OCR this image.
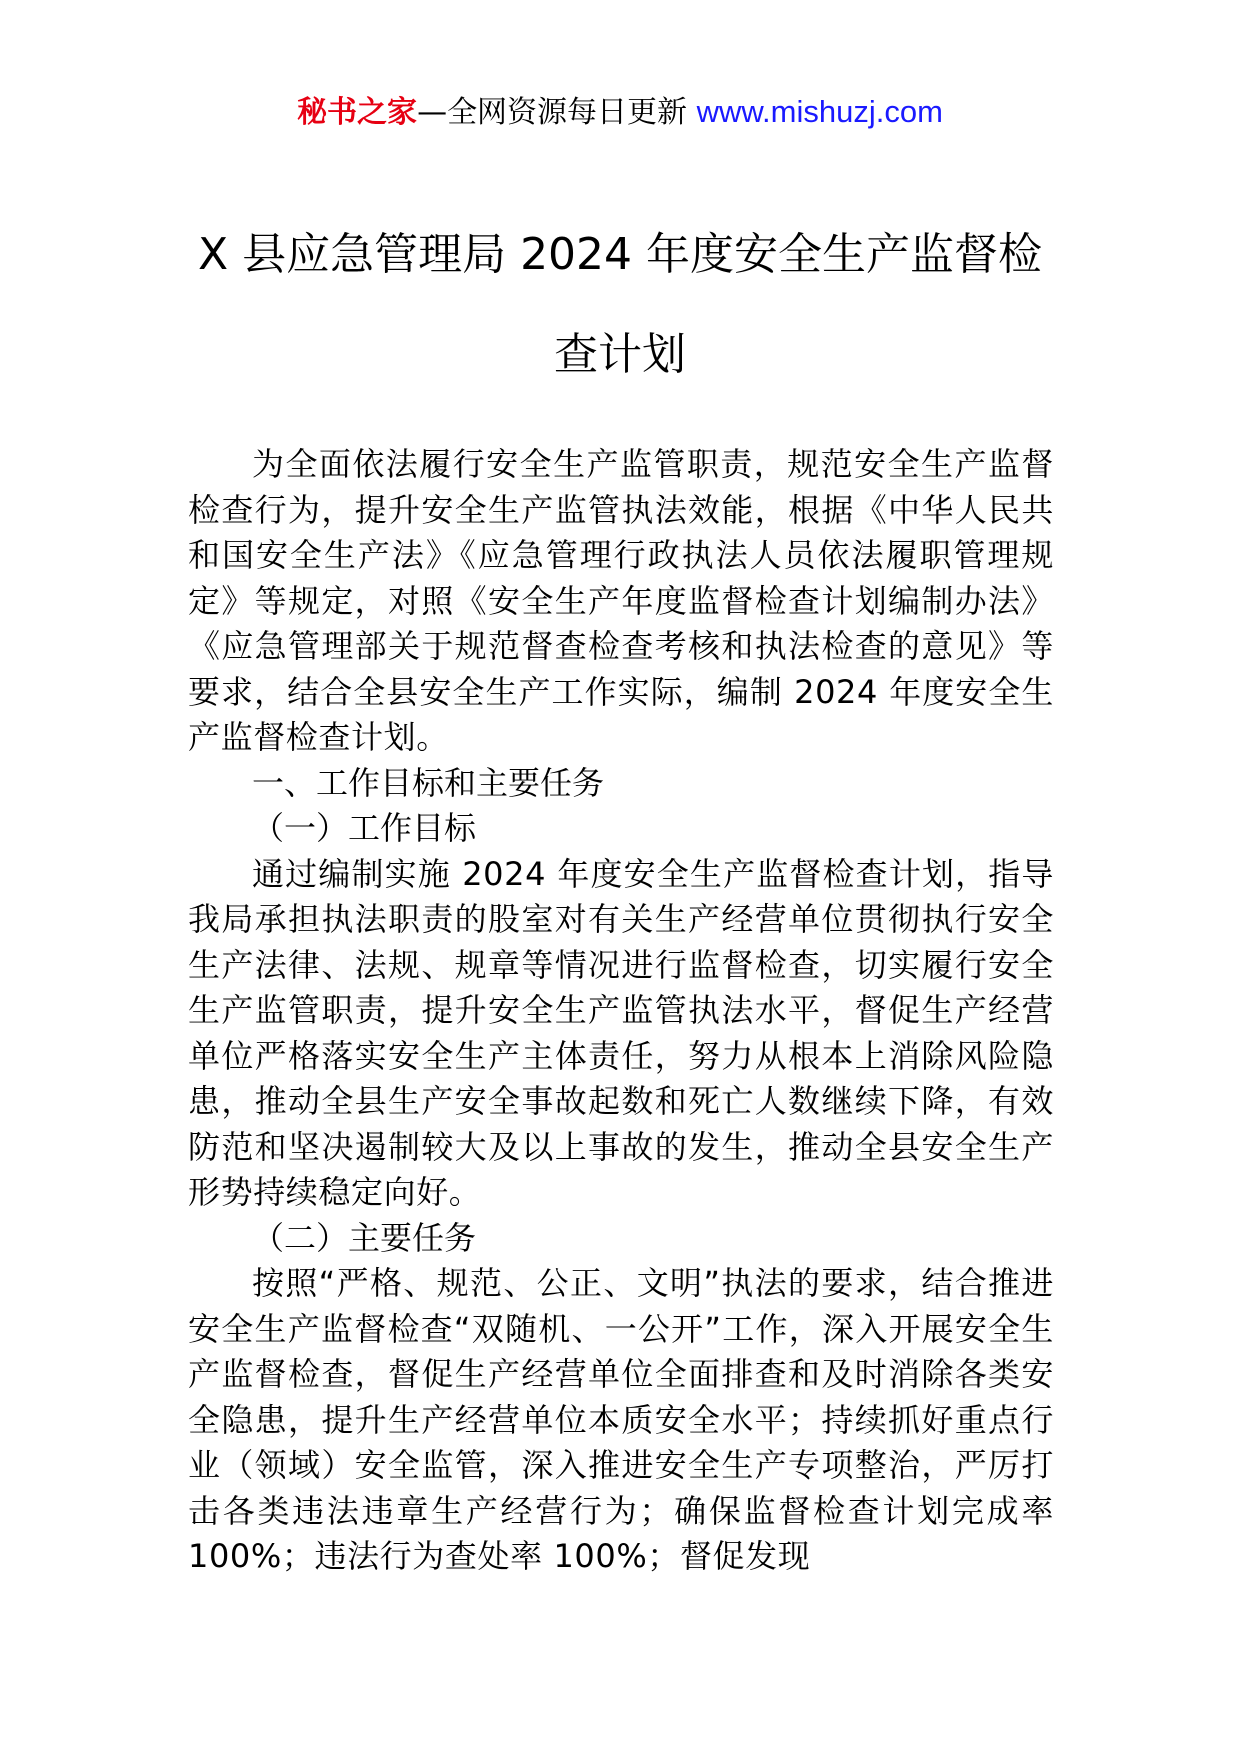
秘书之家—全网资源每日更新 www.mishuzj.com
X 县应急管理局 2024 年度安全生产监督检
查计划

为全面依法履行安全生产监管职责，规范安全生产监督检查行为，提升安全生产监管执法效能，根据《中华人民共和国安全生产法》《应急管理行政执法人员依法履职管理规定》等规定，对照《安全生产年度监督检查计划编制办法》《应急管理部关于规范督查检查考核和执法检查的意见》等要求，结合全县安全生产工作实际，编制 2024 年度安全生产监督检查计划。

一、工作目标和主要任务

（一）工作目标

通过编制实施 2024 年度安全生产监督检查计划，指导我局承担执法职责的股室对有关生产经营单位贯彻执行安全生产法律、法规、规章等情况进行监督检查，切实履行安全生产监管职责，提升安全生产监管执法水平，督促生产经营单位严格落实安全生产主体责任，努力从根本上消除风险隐患，推动全县生产安全事故起数和死亡人数继续下降，有效防范和坚决遏制较大及以上事故的发生，推动全县安全生产形势持续稳定向好。

（二）主要任务

按照“严格、规范、公正、文明”执法的要求，结合推进安全生产监督检查“双随机、一公开”工作，深入开展安全生产监督检查，督促生产经营单位全面排查和及时消除各类安全隐患，提升生产经营单位本质安全水平；持续抓好重点行业（领域）安全监管，深入推进安全生产专项整治，严厉打击各类违法违章生产经营行为；确保监督检查计划完成率 100%；违法行为查处率 100%；督促发现
